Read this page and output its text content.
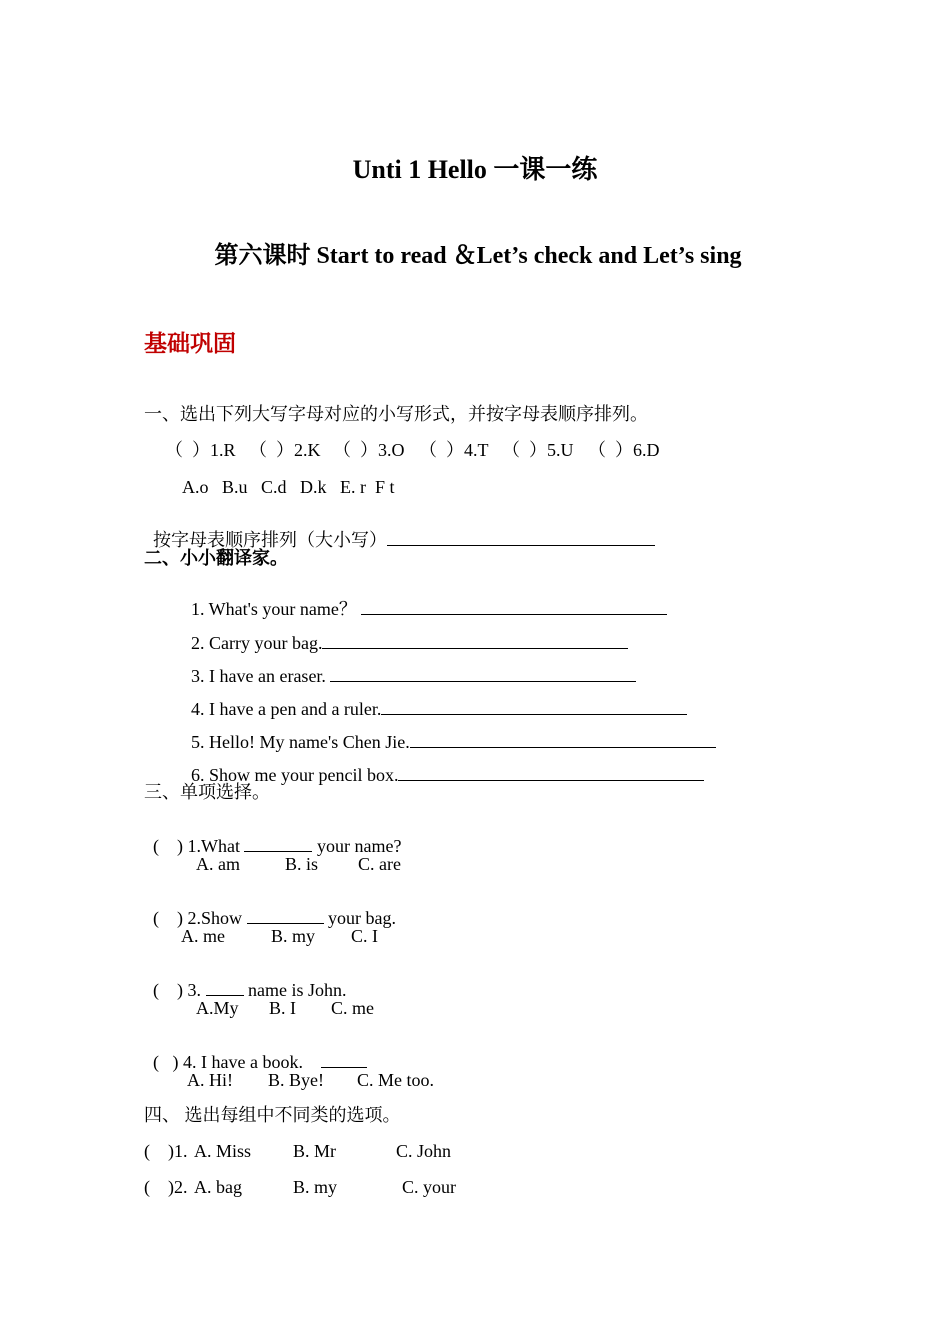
Unti 1 Hello 一课一练
第六课时 Start to read ＆Let’s check and Let’s sing
基础巩固
一、选出下列大写字母对应的小写形式，并按字母表顺序排列。
（  ）1.R （  ）2.K （  ）3.O （  ）4.T （  ）5.U （  ）6.D
A.o   B.u   C.d   D.k   E. r  F t

按字母表顺序排列（大小写）

二、小小翻译家。

1. What's your name？

2. Carry your bag.

3. I have an eraser.

4. I have a pen and a ruler.

5. Hello! My name's Chen Jie.

6. Show me your pencil box.

三、单项选择。

(    ) 1.What	your name?

A. am	B. is C. are

(    ) 2.Show	your bag.

A. me	B. my C. I

(    ) 3.  name is John.

A.My B. I C. me

(   ) 4. I have a book.

A. Hi! B. Bye! C. Me too.
四、 选出每组中不同类的选项。
(    )1. A. Miss B. Mr	C. John
(    )2. A. bag	B. my	C. your
